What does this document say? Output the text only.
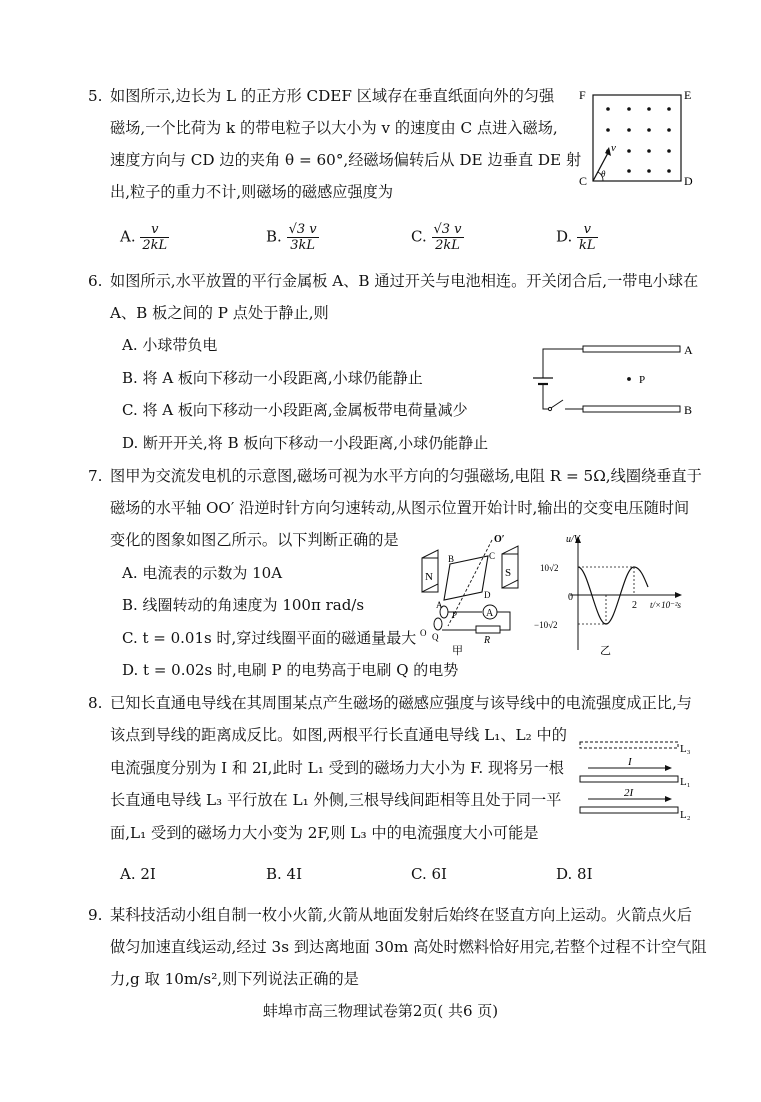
5. 如图所示,边长为 L 的正方形 CDEF 区域存在垂直纸面向外的匀强
磁场,一个比荷为 k 的带电粒子以大小为 v 的速度由 C 点进入磁场,
速度方向与 CD 边的夹角 θ = 60°,经磁场偏转后从 DE 边垂直 DE 射
出,粒子的重力不计,则磁场的磁感应强度为
A. $\frac{v}{2kL}$	B. $\frac{√3 v}{3kL}$	C. $\frac{√3 v}{2kL}$	D. $\frac{v}{kL}$
F	E
C	D
v
θ
6. 如图所示,水平放置的平行金属板 A、B 通过开关与电池相连。开关闭合后,一带电小球在
A、B 板之间的 P 点处于静止,则
A. 小球带负电
B. 将 A 板向下移动一小段距离,小球仍能静止
C. 将 A 板向下移动一小段距离,金属板带电荷量减少
D. 断开开关,将 B 板向下移动一小段距离,小球仍能静止
P
A
B
7. 图甲为交流发电机的示意图,磁场可视为水平方向的匀强磁场,电阻 R = 5Ω,线圈绕垂直于
磁场的水平轴 OO′ 沿逆时针方向匀速转动,从图示位置开始计时,输出的交变电压随时间
变化的图象如图乙所示。以下判断正确的是
A. 电流表的示数为 10A
B. 线圈转动的角速度为 100π rad/s
C. t = 0.01s 时,穿过线圈平面的磁通量最大
D. t = 0.02s 时,电刷 P 的电势高于电刷 Q 的电势
N	S
O′
B	C
A
D
A
R
P
O Q
甲
u/V
10√2
−10√2
0
2 t/×10⁻²s
乙
8. 已知长直通电导线在其周围某点产生磁场的磁感应强度与该导线中的电流强度成正比,与
该点到导线的距离成反比。如图,两根平行长直通电导线 L₁、L₂ 中的
电流强度分别为 I 和 2I,此时 L₁ 受到的磁场力大小为 F. 现将另一根
长直通电导线 L₃ 平行放在 L₁ 外侧,三根导线间距相等且处于同一平
面,L₁ 受到的磁场力大小变为 2F,则 L₃ 中的电流强度大小可能是
A. 2I	B. 4I	C. 6I	D. 8I
I
2I
L₃
L₁
L₂
9. 某科技活动小组自制一枚小火箭,火箭从地面发射后始终在竖直方向上运动。火箭点火后
做匀加速直线运动,经过 3s 到达离地面 30m 高处时燃料恰好用完,若整个过程不计空气阻
力,g 取 10m/s²,则下列说法正确的是
蚌埠市高三物理试卷第2页( 共6 页)
